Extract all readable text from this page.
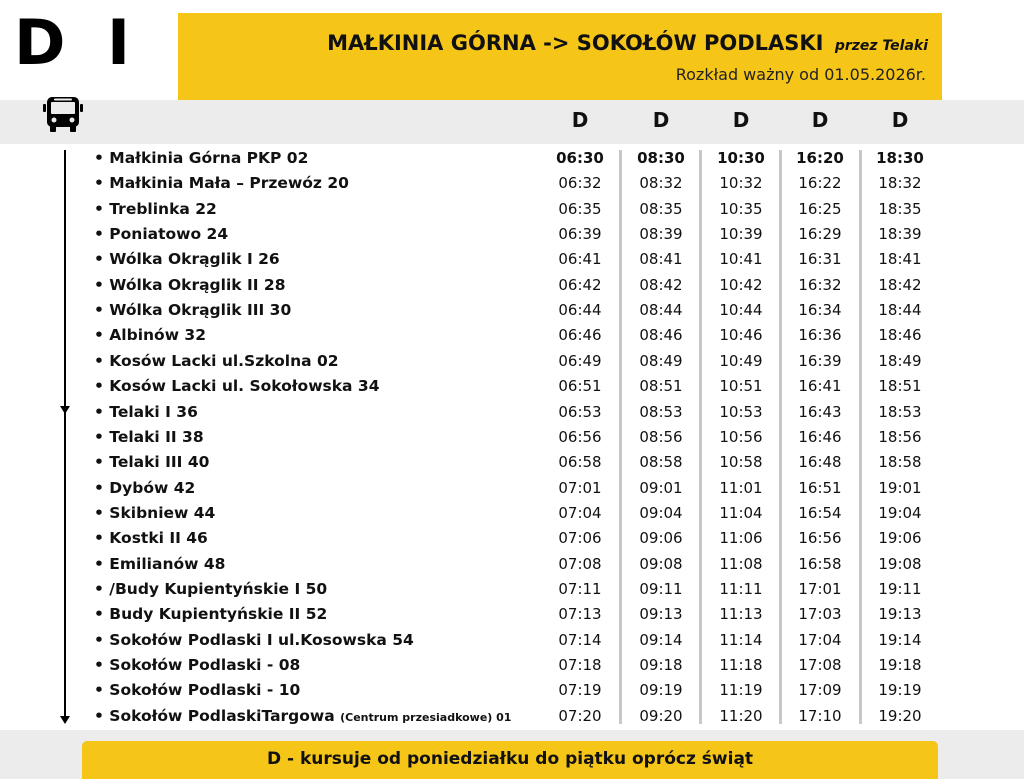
D I	MAŁKINIA GÓRNA -> SOKOŁÓW PODLASKI przez Telaki
Rozkład ważny od 01.05.2026r.
D	D	D	D	D
• Małkinia Górna PKP 02	06:30	08:30	10:30	16:20	18:30
• Małkinia Mała – Przewóz 20	06:32	08:32	10:32	16:22	18:32
• Treblinka 22	06:35	08:35	10:35	16:25	18:35
• Poniatowo 24	06:39	08:39	10:39	16:29	18:39
• Wólka Okrąglik I 26	06:41	08:41	10:41	16:31	18:41
• Wólka Okrąglik II 28	06:42	08:42	10:42	16:32	18:42
• Wólka Okrąglik III 30	06:44	08:44	10:44	16:34	18:44
• Albinów 32	06:46	08:46	10:46	16:36	18:46
• Kosów Lacki ul.Szkolna 02	06:49	08:49	10:49	16:39	18:49
• Kosów Lacki ul. Sokołowska 34	06:51	08:51	10:51	16:41	18:51
• Telaki I 36	06:53	08:53	10:53	16:43	18:53
• Telaki II 38	06:56	08:56	10:56	16:46	18:56
• Telaki III 40	06:58	08:58	10:58	16:48	18:58
• Dybów 42	07:01	09:01	11:01	16:51	19:01
• Skibniew 44	07:04	09:04	11:04	16:54	19:04
• Kostki II 46	07:06	09:06	11:06	16:56	19:06
• Emilianów 48	07:08	09:08	11:08	16:58	19:08
• /Budy Kupientyńskie I 50	07:11	09:11	11:11	17:01	19:11
• Budy Kupientyńskie II 52	07:13	09:13	11:13	17:03	19:13
• Sokołów Podlaski I ul.Kosowska 54	07:14	09:14	11:14	17:04	19:14
• Sokołów Podlaski - 08	07:18	09:18	11:18	17:08	19:18
• Sokołów Podlaski - 10	07:19	09:19	11:19	17:09	19:19
• Sokołów PodlaskiTargowa (Centrum przesiadkowe) 01	07:20	09:20	11:20	17:10	19:20
D - kursuje od poniedziałku do piątku oprócz świąt
